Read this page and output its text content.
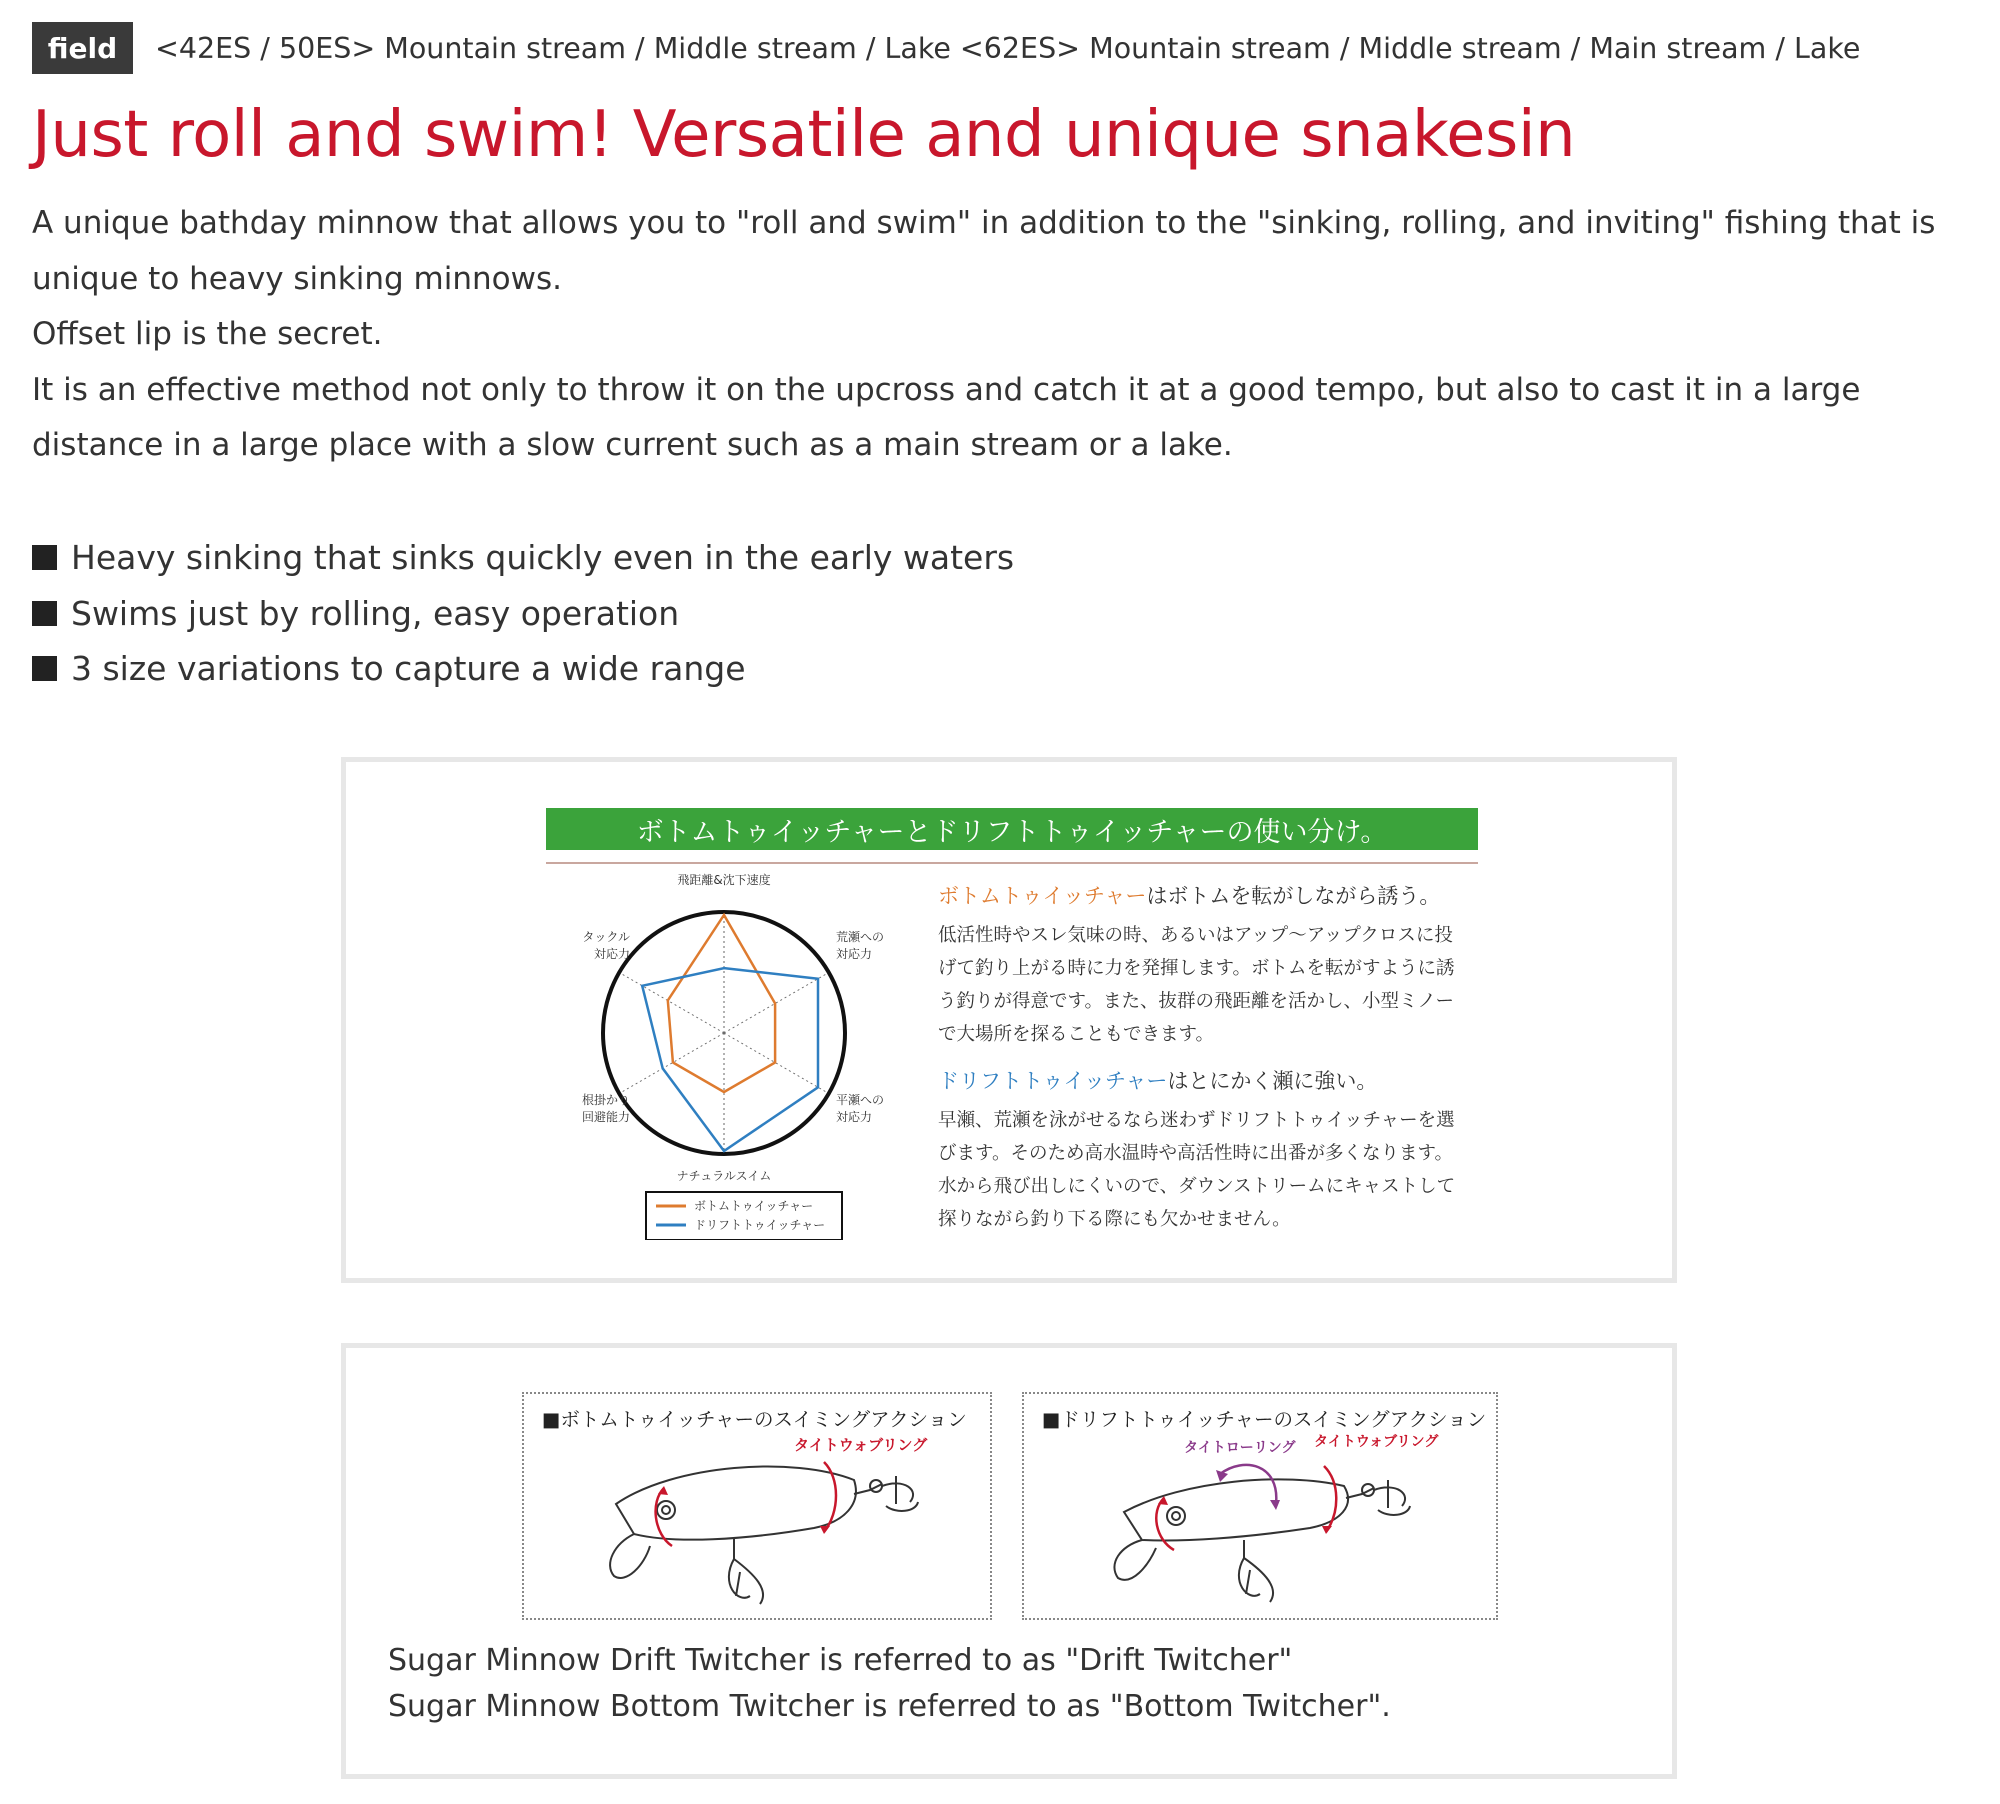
field	<42ES / 50ES> Mountain stream / Middle stream / Lake <62ES> Mountain stream / Middle stream / Main stream / Lake
Just roll and swim! Versatile and unique snakesin

A unique bathday minnow that allows you to "roll and swim" in addition to the "sinking, rolling, and inviting" fishing that is unique to heavy sinking minnows.

Offset lip is the secret.

It is an effective method not only to throw it on the upcross and catch it at a good tempo, but also to cast it in a large distance in a large place with a slow current such as a main stream or a lake.

Heavy sinking that sinks quickly even in the early waters
Swims just by rolling, easy operation
3 size variations to capture a wide range
ボトムトゥイッチャーとドリフトトゥイッチャーの使い分け。
飛距離&沈下速度
荒瀬への
対応力
平瀬への
対応力
ナチュラルスイム
根掛かり
回避能力
タックル
対応力
ボトムトゥイッチャー
ドリフトトゥイッチャー

ボトムトゥイッチャーはボトムを転がしながら誘う。

低活性時やスレ気味の時、あるいはアップ〜アップクロスに投げて釣り上がる時に力を発揮します。ボトムを転がすように誘う釣りが得意です。また、抜群の飛距離を活かし、小型ミノーで大場所を探ることもできます。

ドリフトトゥイッチャーはとにかく瀬に強い。

早瀬、荒瀬を泳がせるなら迷わずドリフトトゥイッチャーを選びます。そのため高水温時や高活性時に出番が多くなります。水から飛び出しにくいので、ダウンストリームにキャストして探りながら釣り下る際にも欠かせません。

■ボトムトゥイッチャーのスイミングアクション
タイトウォブリング
■ドリフトトゥイッチャーのスイミングアクション
タイトローリング タイトウォブリング

Sugar Minnow Drift Twitcher is referred to as "Drift Twitcher"

Sugar Minnow Bottom Twitcher is referred to as "Bottom Twitcher".
